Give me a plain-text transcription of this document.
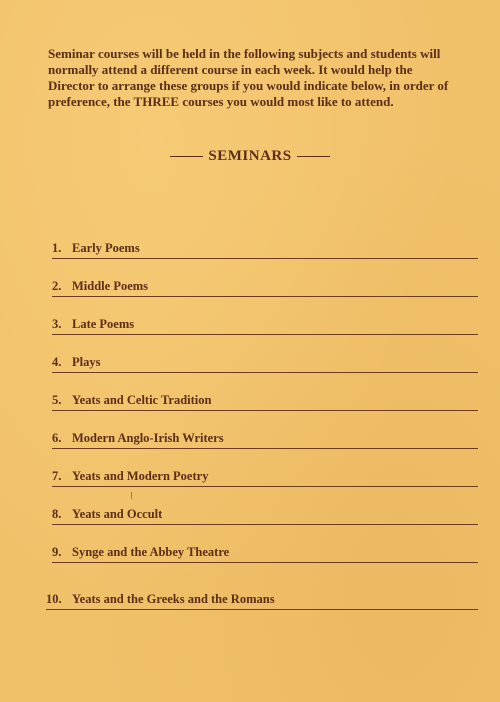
Seminar courses will be held in the following subjects and students will normally attend a different course in each week. It would help the Director to arrange these groups if you would indicate below, in order of preference, the THREE courses you would most like to attend.
SEMINARS
1. Early Poems
2. Middle Poems
3. Late Poems
4. Plays
5. Yeats and Celtic Tradition
6. Modern Anglo-Irish Writers
7. Yeats and Modern Poetry
8. Yeats and Occult
9. Synge and the Abbey Theatre
10. Yeats and the Greeks and the Romans
